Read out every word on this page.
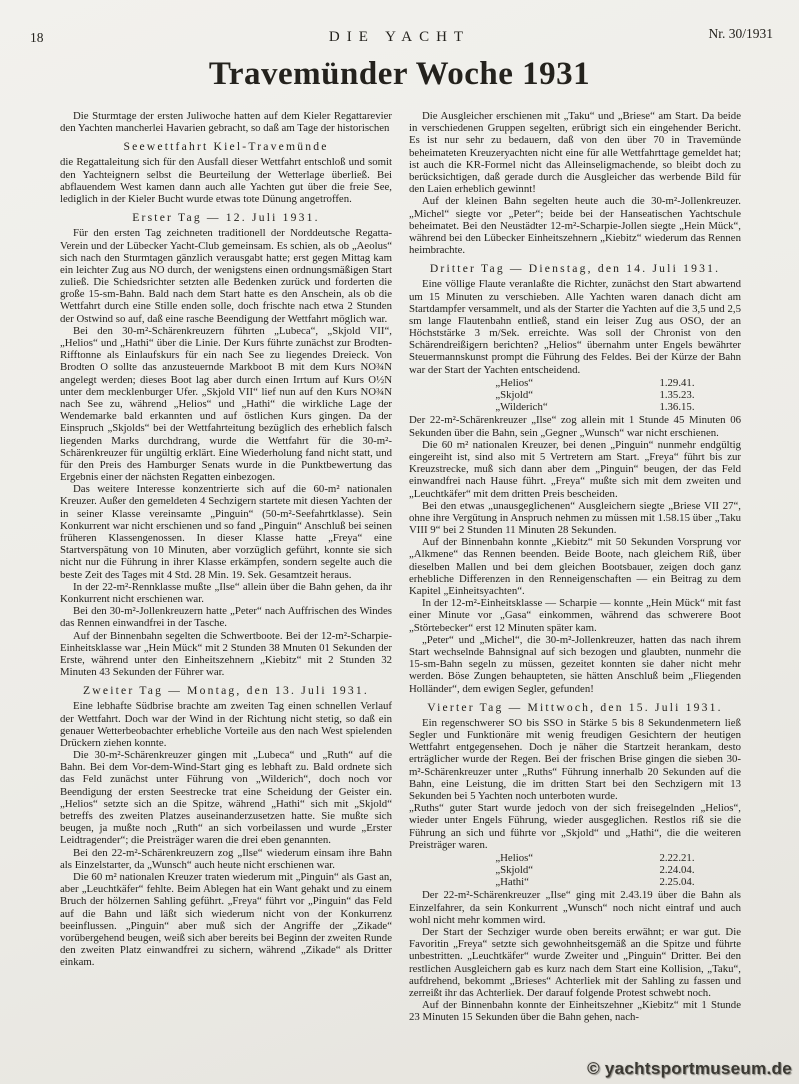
18	DIE YACHT	Nr. 30/1931
Travemünder Woche 1931

Die Sturmtage der ersten Juliwoche hatten auf dem Kieler Regattarevier den Yachten mancherlei Havarien gebracht, so daß am Tage der historischen

Seewettfahrt Kiel-Travemünde

die Regattaleitung sich für den Ausfall dieser Wettfahrt entschloß und somit den Yachteignern selbst die Beurteilung der Wetterlage überließ. Bei abflauendem West kamen dann auch alle Yachten gut über die freie See, lediglich in der Kieler Bucht wurde etwas tote Dünung angetroffen.

Erster Tag — 12. Juli 1931.

Für den ersten Tag zeichneten traditionell der Norddeutsche Regatta-Verein und der Lübecker Yacht-Club gemeinsam. Es schien, als ob „Aeolus“ sich nach den Sturmtagen gänzlich verausgabt hatte; erst gegen Mittag kam ein leichter Zug aus NO durch, der wenigstens einen ordnungsmäßigen Start zuließ. Die Schiedsrichter setzten alle Bedenken zurück und forderten die große 15-sm-Bahn. Bald nach dem Start hatte es den Anschein, als ob die Wettfahrt durch eine Stille enden solle, doch frischte nach etwa 2 Stunden der Ostwind so auf, daß eine rasche Beendigung der Wettfahrt möglich war.

Bei den 30-m²-Schärenkreuzern führten „Lubeca“, „Skjold VII“, „Helios“ und „Hathi“ über die Linie. Der Kurs führte zunächst zur Brodten-Rifftonne als Einlaufskurs für ein nach See zu liegendes Dreieck. Von Brodten O sollte das anzusteuernde Markboot B mit dem Kurs NO¾N angelegt werden; dieses Boot lag aber durch einen Irrtum auf Kurs O½N unter dem mecklenburger Ufer. „Skjold VII“ lief nun auf den Kurs NO¾N nach See zu, während „Helios“ und „Hathi“ die wirkliche Lage der Wendemarke bald erkannten und auf östlichen Kurs gingen. Da der Einspruch „Skjolds“ bei der Wettfahrteitung bezüglich des erheblich falsch liegenden Marks durchdrang, wurde die Wettfahrt für die 30-m²-Schärenkreuzer für ungültig erklärt. Eine Wiederholung fand nicht statt, und für den Preis des Hamburger Senats wurde in die Punktbewertung das Ergebnis einer der nächsten Regatten einbezogen.

Das weitere Interesse konzentrierte sich auf die 60-m² nationalen Kreuzer. Außer den gemeldeten 4 Sechzigern startete mit diesen Yachten der in seiner Klasse vereinsamte „Pinguin“ (50-m²-Seefahrtklasse). Sein Konkurrent war nicht erschienen und so fand „Pinguin“ Anschluß bei seinen früheren Klassengenossen. In dieser Klasse hatte „Freya“ eine Startverspätung von 10 Minuten, aber vorzüglich geführt, konnte sie sich nicht nur die Führung in ihrer Klasse erkämpfen, sondern segelte auch die beste Zeit des Tages mit 4 Std. 28 Min. 19. Sek. Gesamtzeit heraus.

In der 22-m²-Rennklasse mußte „Ilse“ allein über die Bahn gehen, da ihr Konkurrent nicht erschienen war.

Bei den 30-m²-Jollenkreuzern hatte „Peter“ nach Auffrischen des Windes das Rennen einwandfrei in der Tasche.

Auf der Binnenbahn segelten die Schwertboote. Bei der 12-m²-Scharpie-Einheitsklasse war „Hein Mück“ mit 2 Stunden 38 Mnuten 01 Sekunden der Erste, während unter den Einheitszehnern „Kiebitz“ mit 2 Stunden 32 Minuten 43 Sekunden der Führer war.

Zweiter Tag — Montag, den 13. Juli 1931.

Eine lebhafte Südbrise brachte am zweiten Tag einen schnellen Verlauf der Wettfahrt. Doch war der Wind in der Richtung nicht stetig, so daß ein genauer Wetterbeobachter erhebliche Vorteile aus den nach West spielenden Drückern ziehen konnte.

Die 30-m²-Schärenkreuzer gingen mit „Lubeca“ und „Ruth“ auf die Bahn. Bei dem Vor-dem-Wind-Start ging es lebhaft zu. Bald ordnete sich das Feld zunächst unter Führung von „Wilderich“, doch noch vor Beendigung der ersten Seestrecke trat eine Scheidung der Geister ein. „Helios“ setzte sich an die Spitze, während „Hathi“ sich mit „Skjold“ betreffs des zweiten Platzes auseinanderzusetzen hatte. Sie mußte sich beugen, ja mußte noch „Ruth“ an sich vorbeilassen und wurde „Erster Leidtragender“; die Preisträger waren die drei eben genannten.

Bei den 22-m²-Schärenkreuzern zog „Ilse“ wiederum einsam ihre Bahn als Einzelstarter, da „Wunsch“ auch heute nicht erschienen war.

Die 60 m² nationalen Kreuzer traten wiederum mit „Pinguin“ als Gast an, aber „Leuchtkäfer“ fehlte. Beim Ablegen hat ein Want gehakt und zu einem Bruch der hölzernen Sahling geführt. „Freya“ führt vor „Pinguin“ das Feld auf die Bahn und läßt sich wiederum nicht von der Konkurrenz beeinflussen. „Pinguin“ aber muß sich der Angriffe der „Zikade“ vorübergehend beugen, weiß sich aber bereits bei Beginn der zweiten Runde den zweiten Platz einwandfrei zu sichern, während „Zikade“ als Dritter einkam.

Die Ausgleicher erschienen mit „Taku“ und „Briese“ am Start. Da beide in verschiedenen Gruppen segelten, erübrigt sich ein eingehender Bericht. Es ist nur sehr zu bedauern, daß von den über 70 in Travemünde beheimateten Kreuzeryachten nicht eine für alle Wettfahrttage gemeldet hat; ist auch die KR-Formel nicht das Alleinseligmachende, so bleibt doch zu berücksichtigen, daß gerade durch die Ausgleicher das werbende Bild für den Laien erheblich gewinnt!

Auf der kleinen Bahn segelten heute auch die 30-m²-Jollenkreuzer. „Michel“ siegte vor „Peter“; beide bei der Hanseatischen Yachtschule beheimatet. Bei den Neustädter 12-m²-Scharpie-Jollen siegte „Hein Mück“, während bei den Lübecker Einheitszehnern „Kiebitz“ wiederum das Rennen heimbrachte.

Dritter Tag — Dienstag, den 14. Juli 1931.

Eine völlige Flaute veranlaßte die Richter, zunächst den Start abwartend um 15 Minuten zu verschieben. Alle Yachten waren danach dicht am Startdampfer versammelt, und als der Starter die Yachten auf die 3,5 und 2,5 sm lange Flautenbahn entließ, stand ein leiser Zug aus OSO, der an Höchststärke 3 m/Sek. erreichte. Was soll der Chronist von den Schärendreißigern berichten? „Helios“ übernahm unter Engels bewährter Steuermannskunst prompt die Führung des Feldes. Bei der Kürze der Bahn war der Start der Yachten entscheidend.

„Helios“	1.29.41.
„Skjold“	1.35.23.
„Wilderich“	1.36.15.

Der 22-m²-Schärenkreuzer „Ilse“ zog allein mit 1 Stunde 45 Minuten 06 Sekunden über die Bahn, sein „Gegner „Wunsch“ war nicht erschienen.

Die 60 m² nationalen Kreuzer, bei denen „Pinguin“ nunmehr endgültig eingereiht ist, sind also mit 5 Vertretern am Start. „Freya“ führt bis zur Kreuzstrecke, muß sich dann aber dem „Pinguin“ beugen, der das Feld einwandfrei nach Hause führt. „Freya“ mußte sich mit dem zweiten und „Leuchtkäfer“ mit dem dritten Preis bescheiden.

Bei den etwas „unausgeglichenen“ Ausgleichern siegte „Briese VII 27“, ohne ihre Vergütung in Anspruch nehmen zu müssen mit 1.58.15 über „Taku VIII 9“ bei 2 Stunden 11 Minuten 28 Sekunden.

Auf der Binnenbahn konnte „Kiebitz“ mit 50 Sekunden Vorsprung vor „Alkmene“ das Rennen beenden. Beide Boote, nach gleichem Riß, über dieselben Mallen und bei dem gleichen Bootsbauer, zeigen doch ganz erhebliche Differenzen in den Renneigenschaften — ein Beitrag zu dem Kapitel „Einheitsyachten“.

In der 12-m²-Einheitsklasse — Scharpie — konnte „Hein Mück“ mit fast einer Minute vor „Gasa“ einkommen, während das schwerere Boot „Störtebecker“ erst 12 Minuten später kam.

„Peter“ und „Michel“, die 30-m²-Jollenkreuzer, hatten das nach ihrem Start wechselnde Bahnsignal auf sich bezogen und glaubten, nunmehr die 15-sm-Bahn segeln zu müssen, gezeitet konnten sie daher nicht mehr werden. Böse Zungen behaupteten, sie hätten Anschluß beim „Fliegenden Holländer“, dem ewigen Segler, gefunden!

Vierter Tag — Mittwoch, den 15. Juli 1931.

Ein regenschwerer SO bis SSO in Stärke 5 bis 8 Sekundenmetern ließ Segler und Funktionäre mit wenig freudigen Gesichtern der heutigen Wettfahrt entgegensehen. Doch je näher die Startzeit herankam, desto erträglicher wurde der Regen. Bei der frischen Brise gingen die sieben 30-m²-Schärenkreuzer unter „Ruths“ Führung innerhalb 20 Sekunden auf die Bahn, eine Leistung, die im dritten Start bei den Sechzigern mit 13 Sekunden bei 5 Yachten noch unterboten wurde.

„Ruths“ guter Start wurde jedoch von der sich freisegelnden „Helios“, wieder unter Engels Führung, wieder ausgeglichen. Restlos riß sie die Führung an sich und führte vor „Skjold“ und „Hathi“, die die weiteren Preisträger waren.

„Helios“	2.22.21.
„Skjold“	2.24.04.
„Hathi“	2.25.04.

Der 22-m²-Schärenkreuzer „Ilse“ ging mit 2.43.19 über die Bahn als Einzelfahrer, da sein Konkurrent „Wunsch“ noch nicht eintraf und auch wohl nicht mehr kommen wird.

Der Start der Sechziger wurde oben bereits erwähnt; er war gut. Die Favoritin „Freya“ setzte sich gewohnheitsgemäß an die Spitze und führte unbestritten. „Leuchtkäfer“ wurde Zweiter und „Pinguin“ Dritter. Bei den restlichen Ausgleichern gab es kurz nach dem Start eine Kollision, „Taku“, aufdrehend, bekommt „Brieses“ Achterliek mit der Sahling zu fassen und zerreißt ihr das Achterliek. Der darauf folgende Protest schwebt noch.

Auf der Binnenbahn konnte der Einheitszehner „Kiebitz“ mit 1 Stunde 23 Minuten 15 Sekunden über die Bahn gehen, nach-

© yachtsportmuseum.de
